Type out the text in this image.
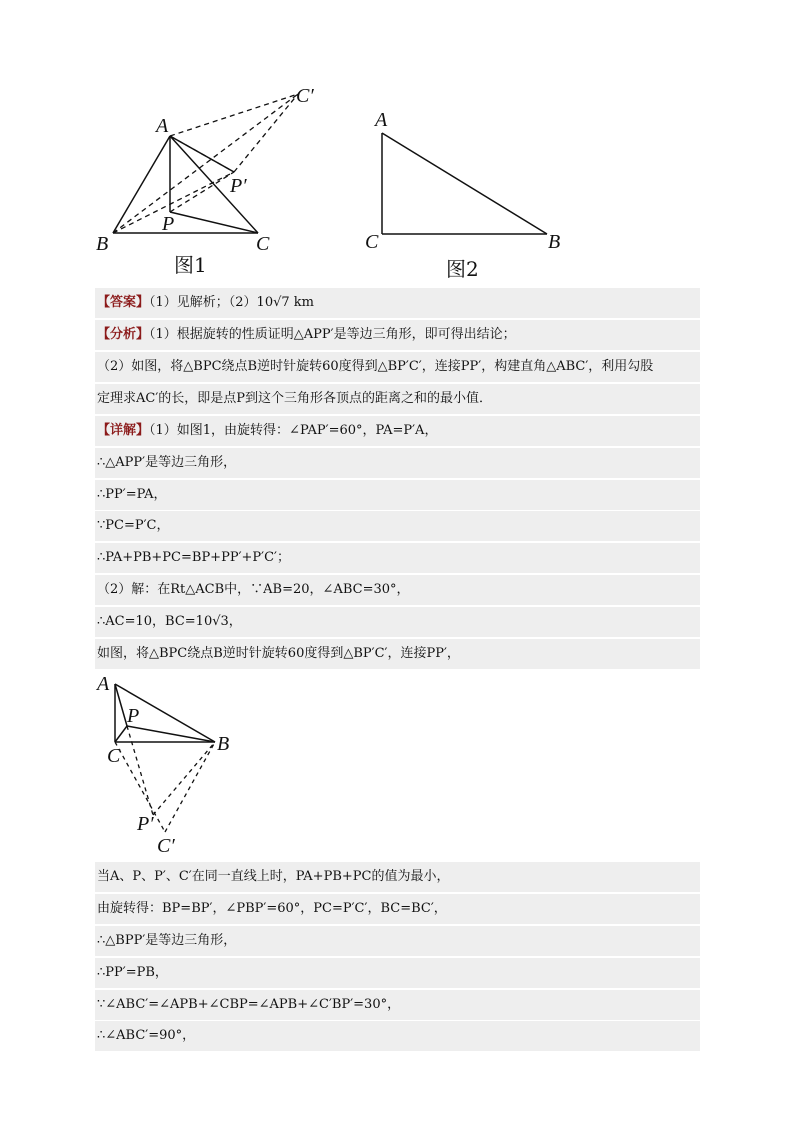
A
C′
P′
P
B	C
图1
A
C	B
图2
【答案】（1）见解析；（2）10√7 km
【分析】（1）根据旋转的性质证明△APP′是等边三角形，即可得出结论；
（2）如图，将△BPC绕点B逆时针旋转60度得到△BP′C′，连接PP′，构建直角△ABC′，利用勾股
定理求AC′的长，即是点P到这个三角形各顶点的距离之和的最小值．
【详解】（1）如图1，由旋转得：∠PAP′=60°，PA=P′A，
∴△APP′是等边三角形，
∴PP′=PA，
∵PC=P′C，
∴PA+PB+PC=BP+PP′+P′C′；
（2）解：在Rt△ACB中，∵AB=20，∠ABC=30°，
∴AC=10，BC=10√3，
如图，将△BPC绕点B逆时针旋转60度得到△BP′C′，连接PP′，
A
P
C
B
P′
C′
当A、P、P′、C′在同一直线上时，PA+PB+PC的值为最小，
由旋转得：BP=BP′，∠PBP′=60°，PC=P′C′，BC=BC′，
∴△BPP′是等边三角形，
∴PP′=PB，
∵∠ABC′=∠APB+∠CBP=∠APB+∠C′BP′=30°，
∴∠ABC′=90°，
